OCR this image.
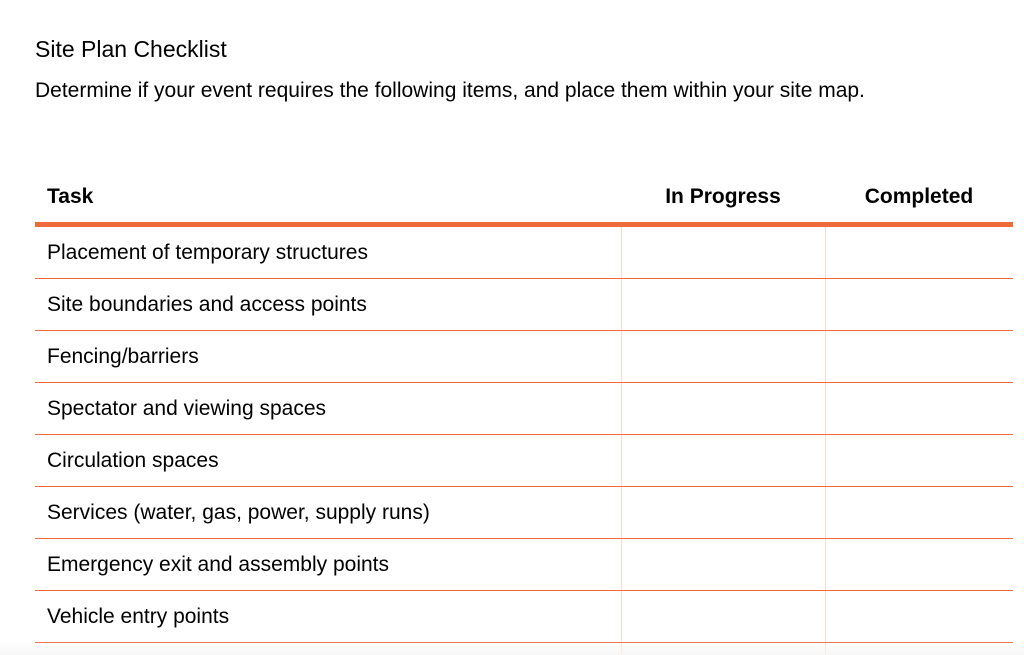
Site Plan Checklist

Determine if your event requires the following items, and place them within your site map.

Task	In Progress	Completed
Placement of temporary structures		
Site boundaries and access points		
Fencing/barriers		
Spectator and viewing spaces		
Circulation spaces		
Services (water, gas, power, supply runs)		
Emergency exit and assembly points		
Vehicle entry points		
